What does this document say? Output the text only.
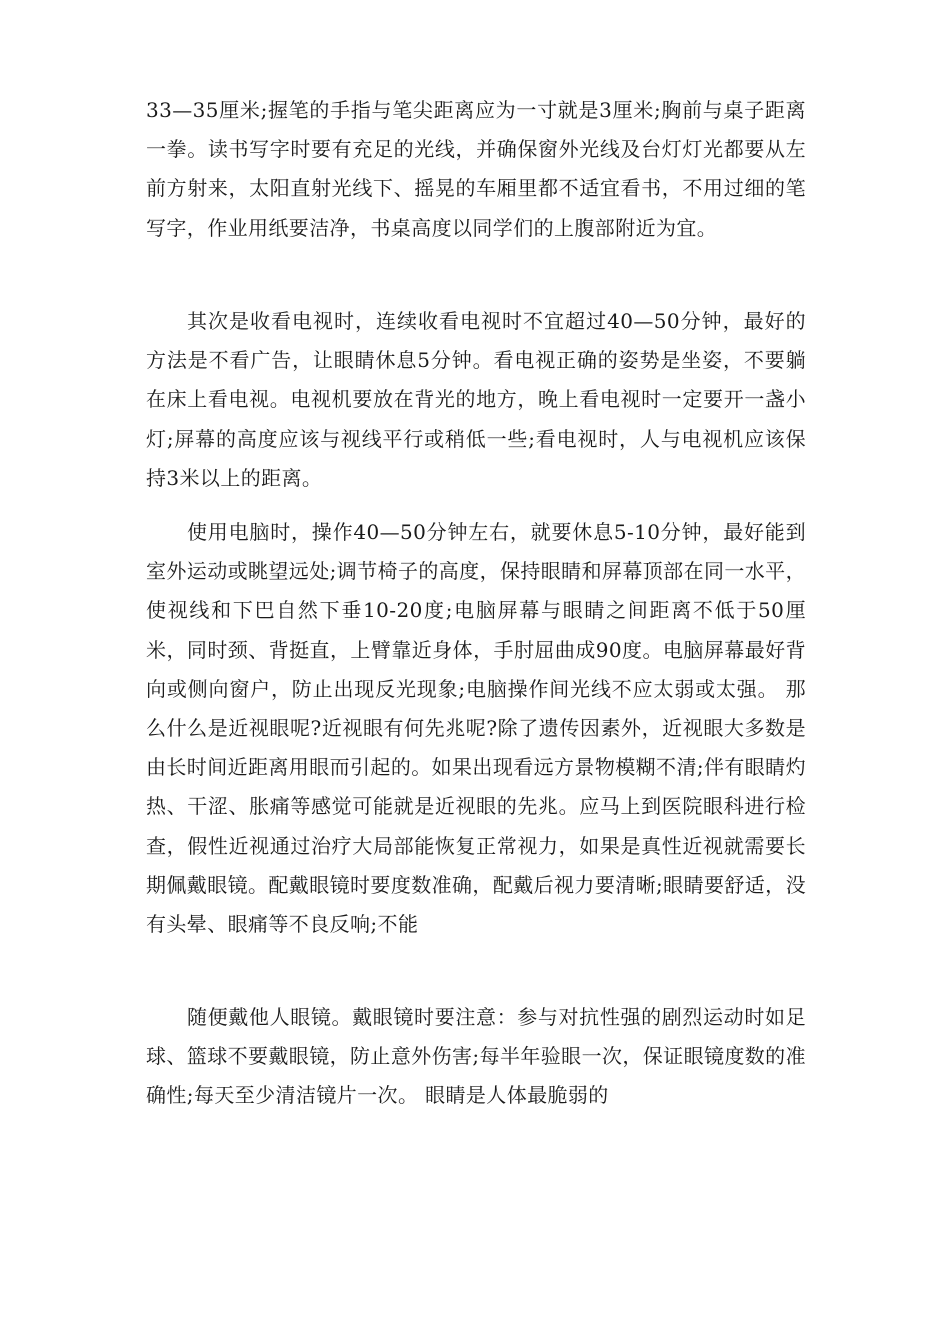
33—35厘米;握笔的手指与笔尖距离应为一寸就是3厘米;胸前与桌子距离一拳。读书写字时要有充足的光线，并确保窗外光线及台灯灯光都要从左前方射来，太阳直射光线下、摇晃的车厢里都不适宜看书，不用过细的笔写字，作业用纸要洁净，书桌高度以同学们的上腹部附近为宜。

其次是收看电视时，连续收看电视时不宜超过40—50分钟，最好的方法是不看广告，让眼睛休息5分钟。看电视正确的姿势是坐姿，不要躺在床上看电视。电视机要放在背光的地方，晚上看电视时一定要开一盏小灯;屏幕的高度应该与视线平行或稍低一些;看电视时，人与电视机应该保持3米以上的距离。

使用电脑时，操作40—50分钟左右，就要休息5-10分钟，最好能到室外运动或眺望远处;调节椅子的高度，保持眼睛和屏幕顶部在同一水平，使视线和下巴自然下垂10-20度;电脑屏幕与眼睛之间距离不低于50厘米，同时颈、背挺直，上臂靠近身体，手肘屈曲成90度。电脑屏幕最好背向或侧向窗户，防止出现反光现象;电脑操作间光线不应太弱或太强。 那么什么是近视眼呢?近视眼有何先兆呢?除了遗传因素外，近视眼大多数是由长时间近距离用眼而引起的。如果出现看远方景物模糊不清;伴有眼睛灼热、干涩、胀痛等感觉可能就是近视眼的先兆。应马上到医院眼科进行检查，假性近视通过治疗大局部能恢复正常视力，如果是真性近视就需要长期佩戴眼镜。配戴眼镜时要度数准确，配戴后视力要清晰;眼睛要舒适，没有头晕、眼痛等不良反响;不能

随便戴他人眼镜。戴眼镜时要注意：参与对抗性强的剧烈运动时如足球、篮球不要戴眼镜，防止意外伤害;每半年验眼一次，保证眼镜度数的准确性;每天至少清洁镜片一次。 眼睛是人体最脆弱的
